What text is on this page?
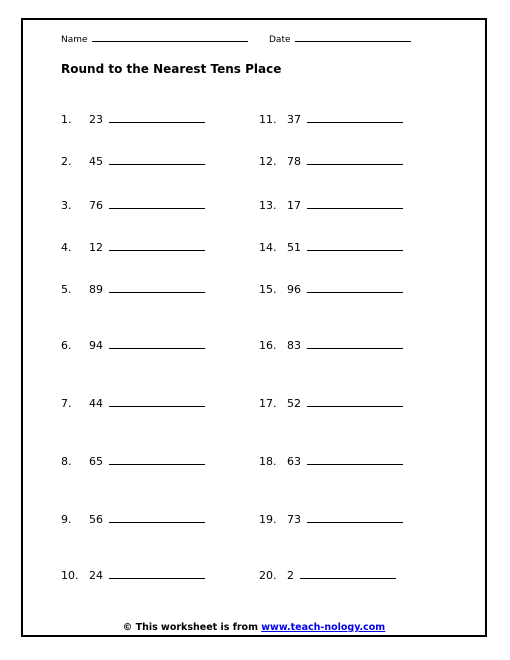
Name	Date
Round to the Nearest Tens Place
1. 23
2. 45
3. 76
4. 12
5. 89
6. 94
7. 44
8. 65
9. 56
10. 24
11. 37
12. 78
13. 17
14. 51
15. 96
16. 83
17. 52
18. 63
19. 73
20. 2
© This worksheet is from www.teach-nology.com
